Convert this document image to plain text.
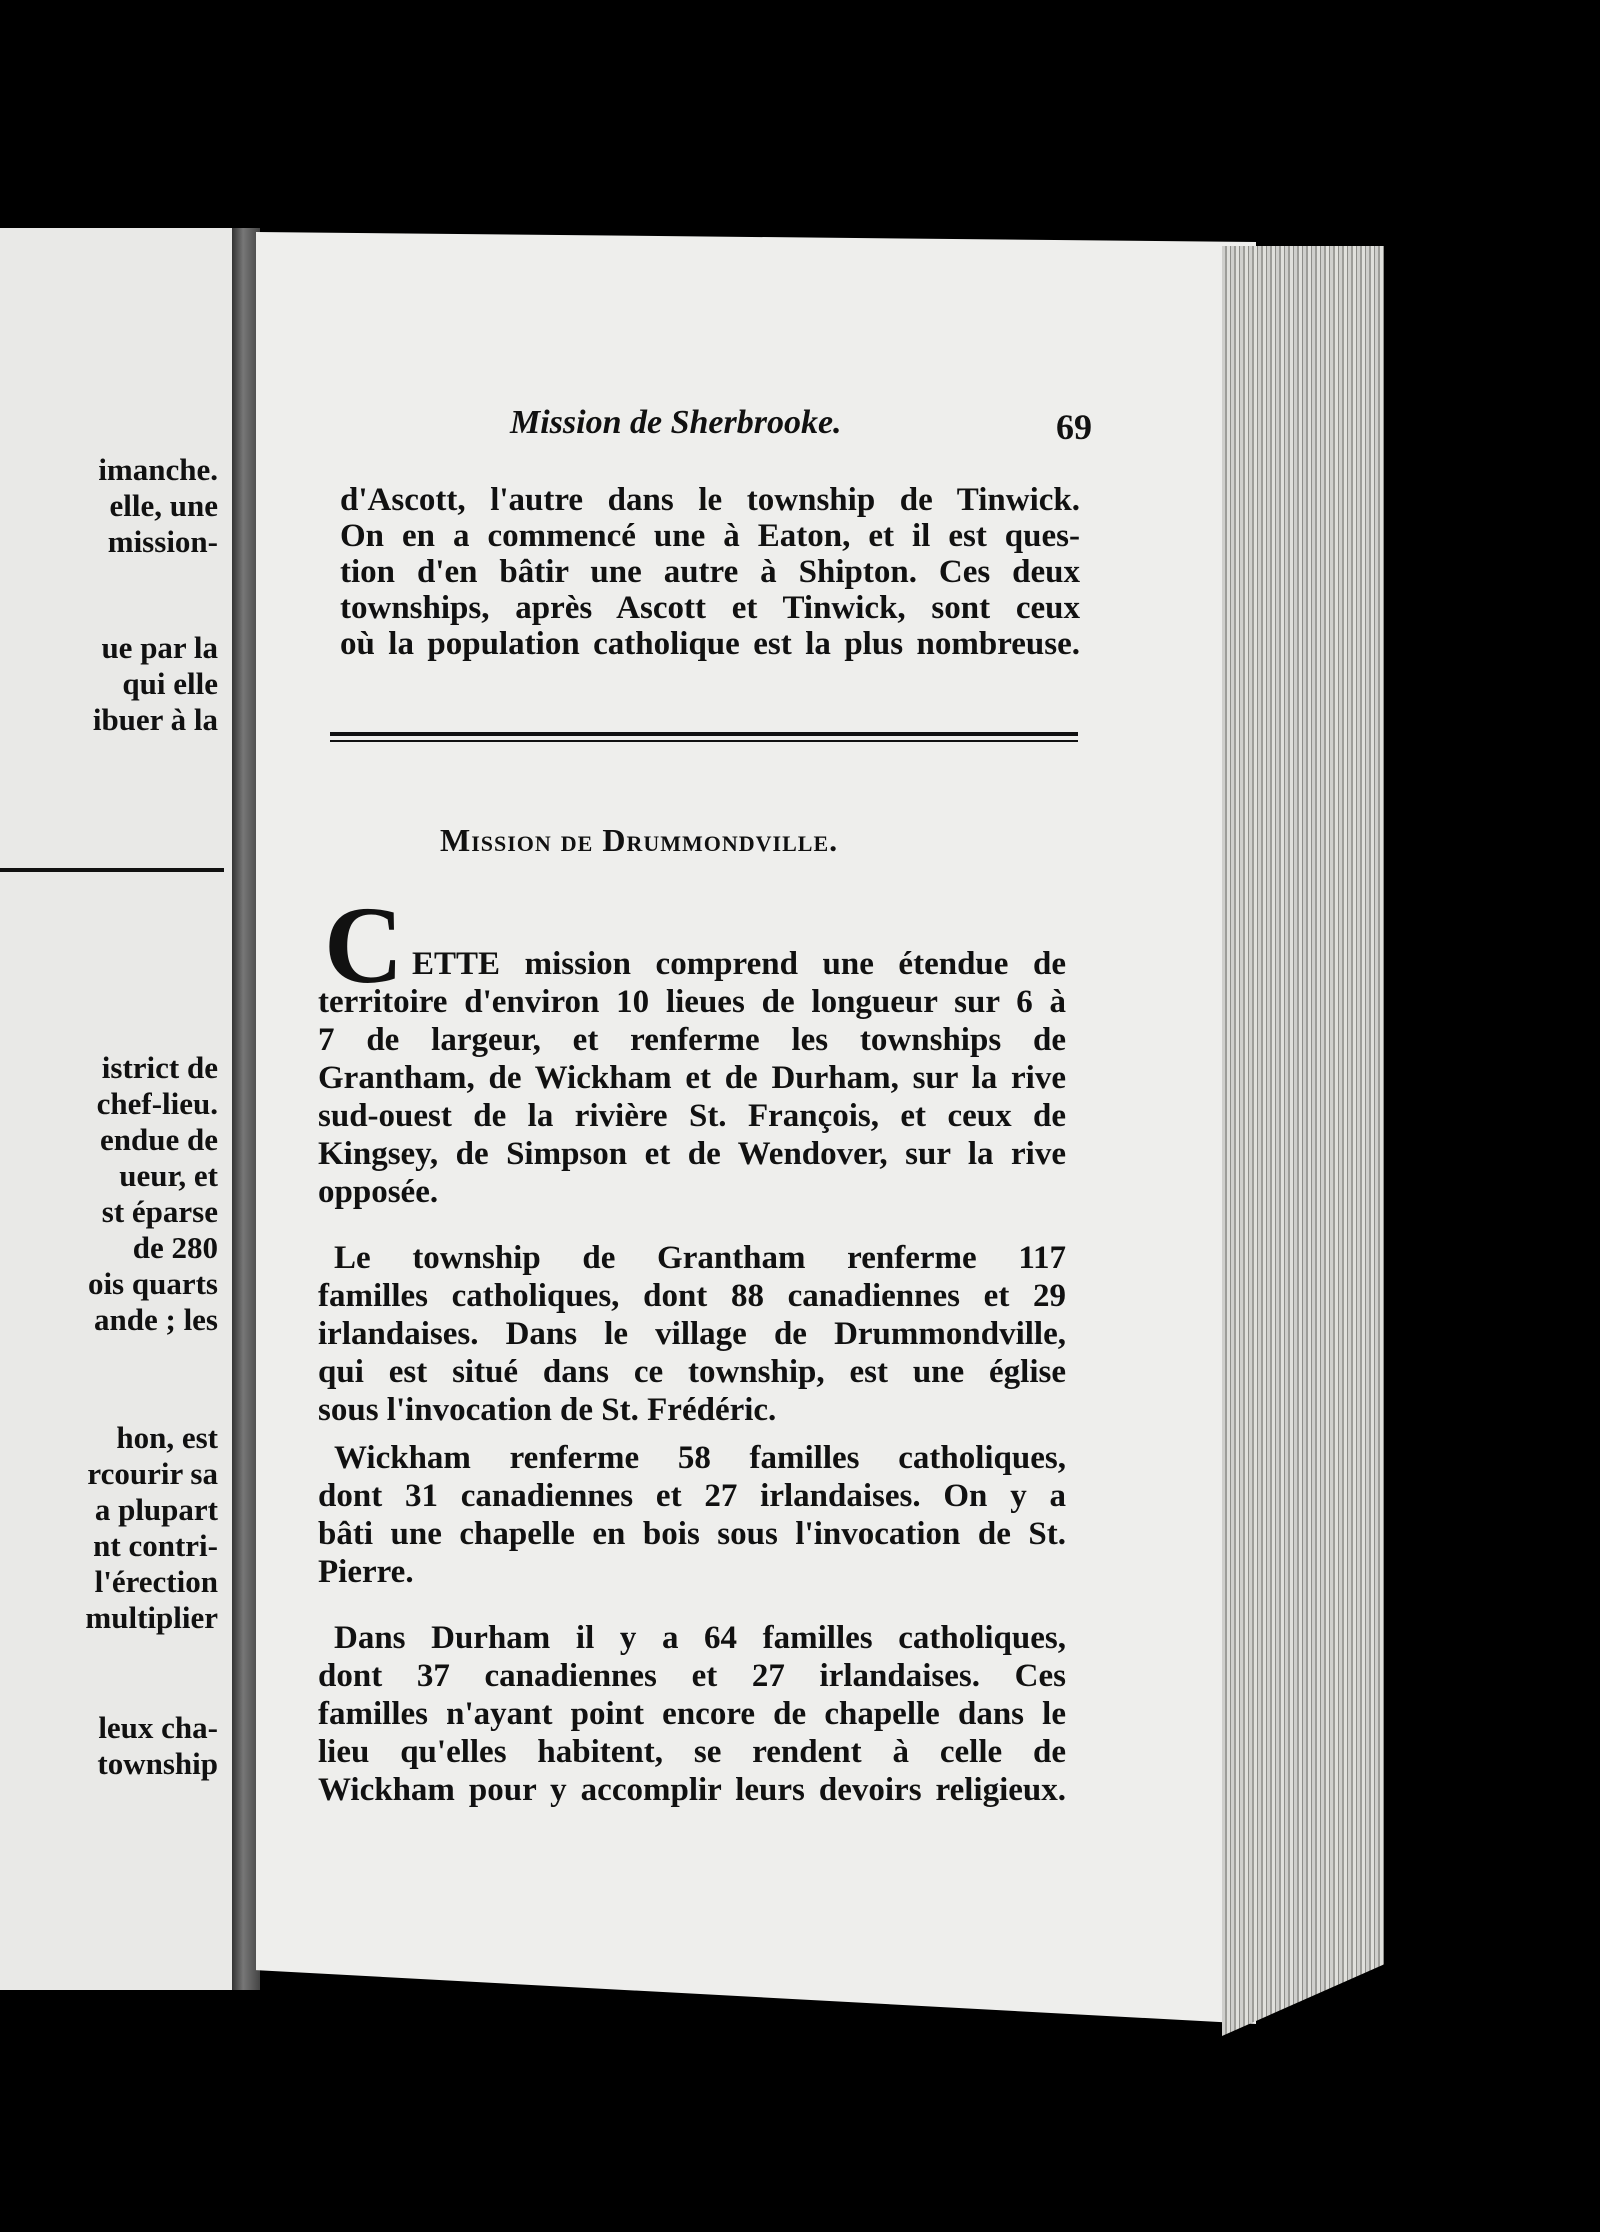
imanche.
elle, une
mission-
ue par la
qui elle
ibuer à la
istrict de
chef-lieu.
endue de
ueur, et
st éparse
de 280
ois quarts
ande ; les
hon, est
rcourir sa
a plupart
nt contri-
l'érection
multiplier
leux cha-
township
Mission de Sherbrooke.	69
d'Ascott, l'autre dans le township de Tinwick.
On en a commencé une à Eaton, et il est ques-
tion d'en bâtir une autre à Shipton. Ces deux
townships, après Ascott et Tinwick, sont ceux
où la population catholique est la plus nombreuse.
Mission de Drummondville.
C ETTE mission comprend une étendue de
territoire d'environ 10 lieues de longueur sur 6 à
7 de largeur, et renferme les townships de
Grantham, de Wickham et de Durham, sur la rive
sud-ouest de la rivière St. François, et ceux de
Kingsey, de Simpson et de Wendover, sur la rive
opposée.
Le township de Grantham renferme 117
familles catholiques, dont 88 canadiennes et 29
irlandaises. Dans le village de Drummondville,
qui est situé dans ce township, est une église
sous l'invocation de St. Frédéric.
Wickham renferme 58 familles catholiques,
dont 31 canadiennes et 27 irlandaises. On y a
bâti une chapelle en bois sous l'invocation de St.
Pierre.
Dans Durham il y a 64 familles catholiques,
dont 37 canadiennes et 27 irlandaises. Ces
familles n'ayant point encore de chapelle dans le
lieu qu'elles habitent, se rendent à celle de
Wickham pour y accomplir leurs devoirs religieux.
